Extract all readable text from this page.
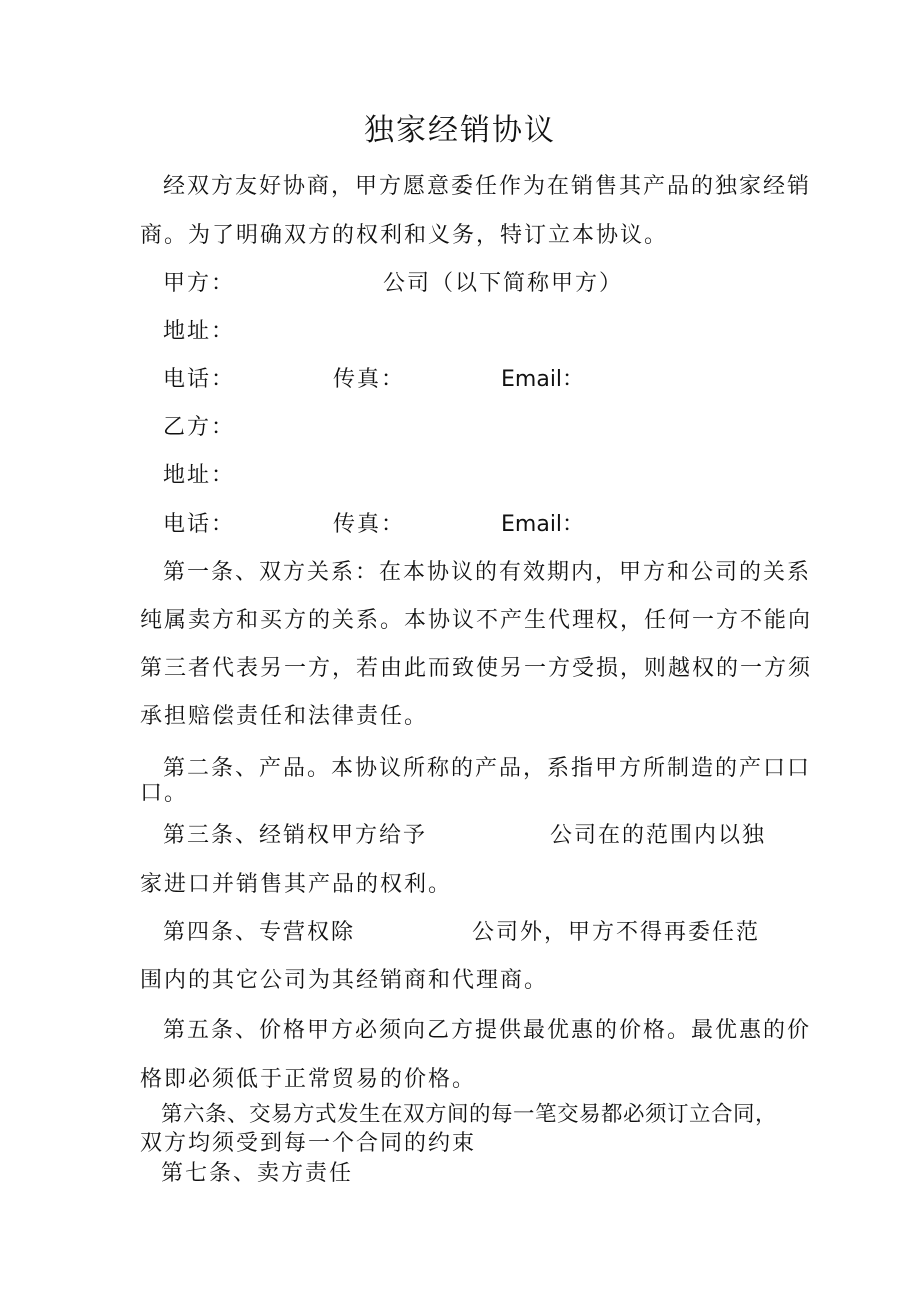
独家经销协议
经双方友好协商，甲方愿意委任作为在销售其产品的独家经销
商。为了明确双方的权利和义务，特订立本协议。
甲方：	公司（以下简称甲方）
地址：
电话：	传真：	Email：
乙方：
地址：
电话：	传真：	Email：
第一条、双方关系：在本协议的有效期内，甲方和公司的关系
纯属卖方和买方的关系。本协议不产生代理权，任何一方不能向
第三者代表另一方，若由此而致使另一方受损，则越权的一方须
承担赔偿责任和法律责任。
第二条、产品。本协议所称的产品，系指甲方所制造的产口口
口。
第三条、经销权甲方给予	公司在的范围内以独
家进口并销售其产品的权利。
第四条、专营权除	公司外，甲方不得再委任范
围内的其它公司为其经销商和代理商。
第五条、价格甲方必须向乙方提供最优惠的价格。最优惠的价
格即必须低于正常贸易的价格。
第六条、交易方式发生在双方间的每一笔交易都必须订立合同，
双方均须受到每一个合同的约束
第七条、卖方责任
